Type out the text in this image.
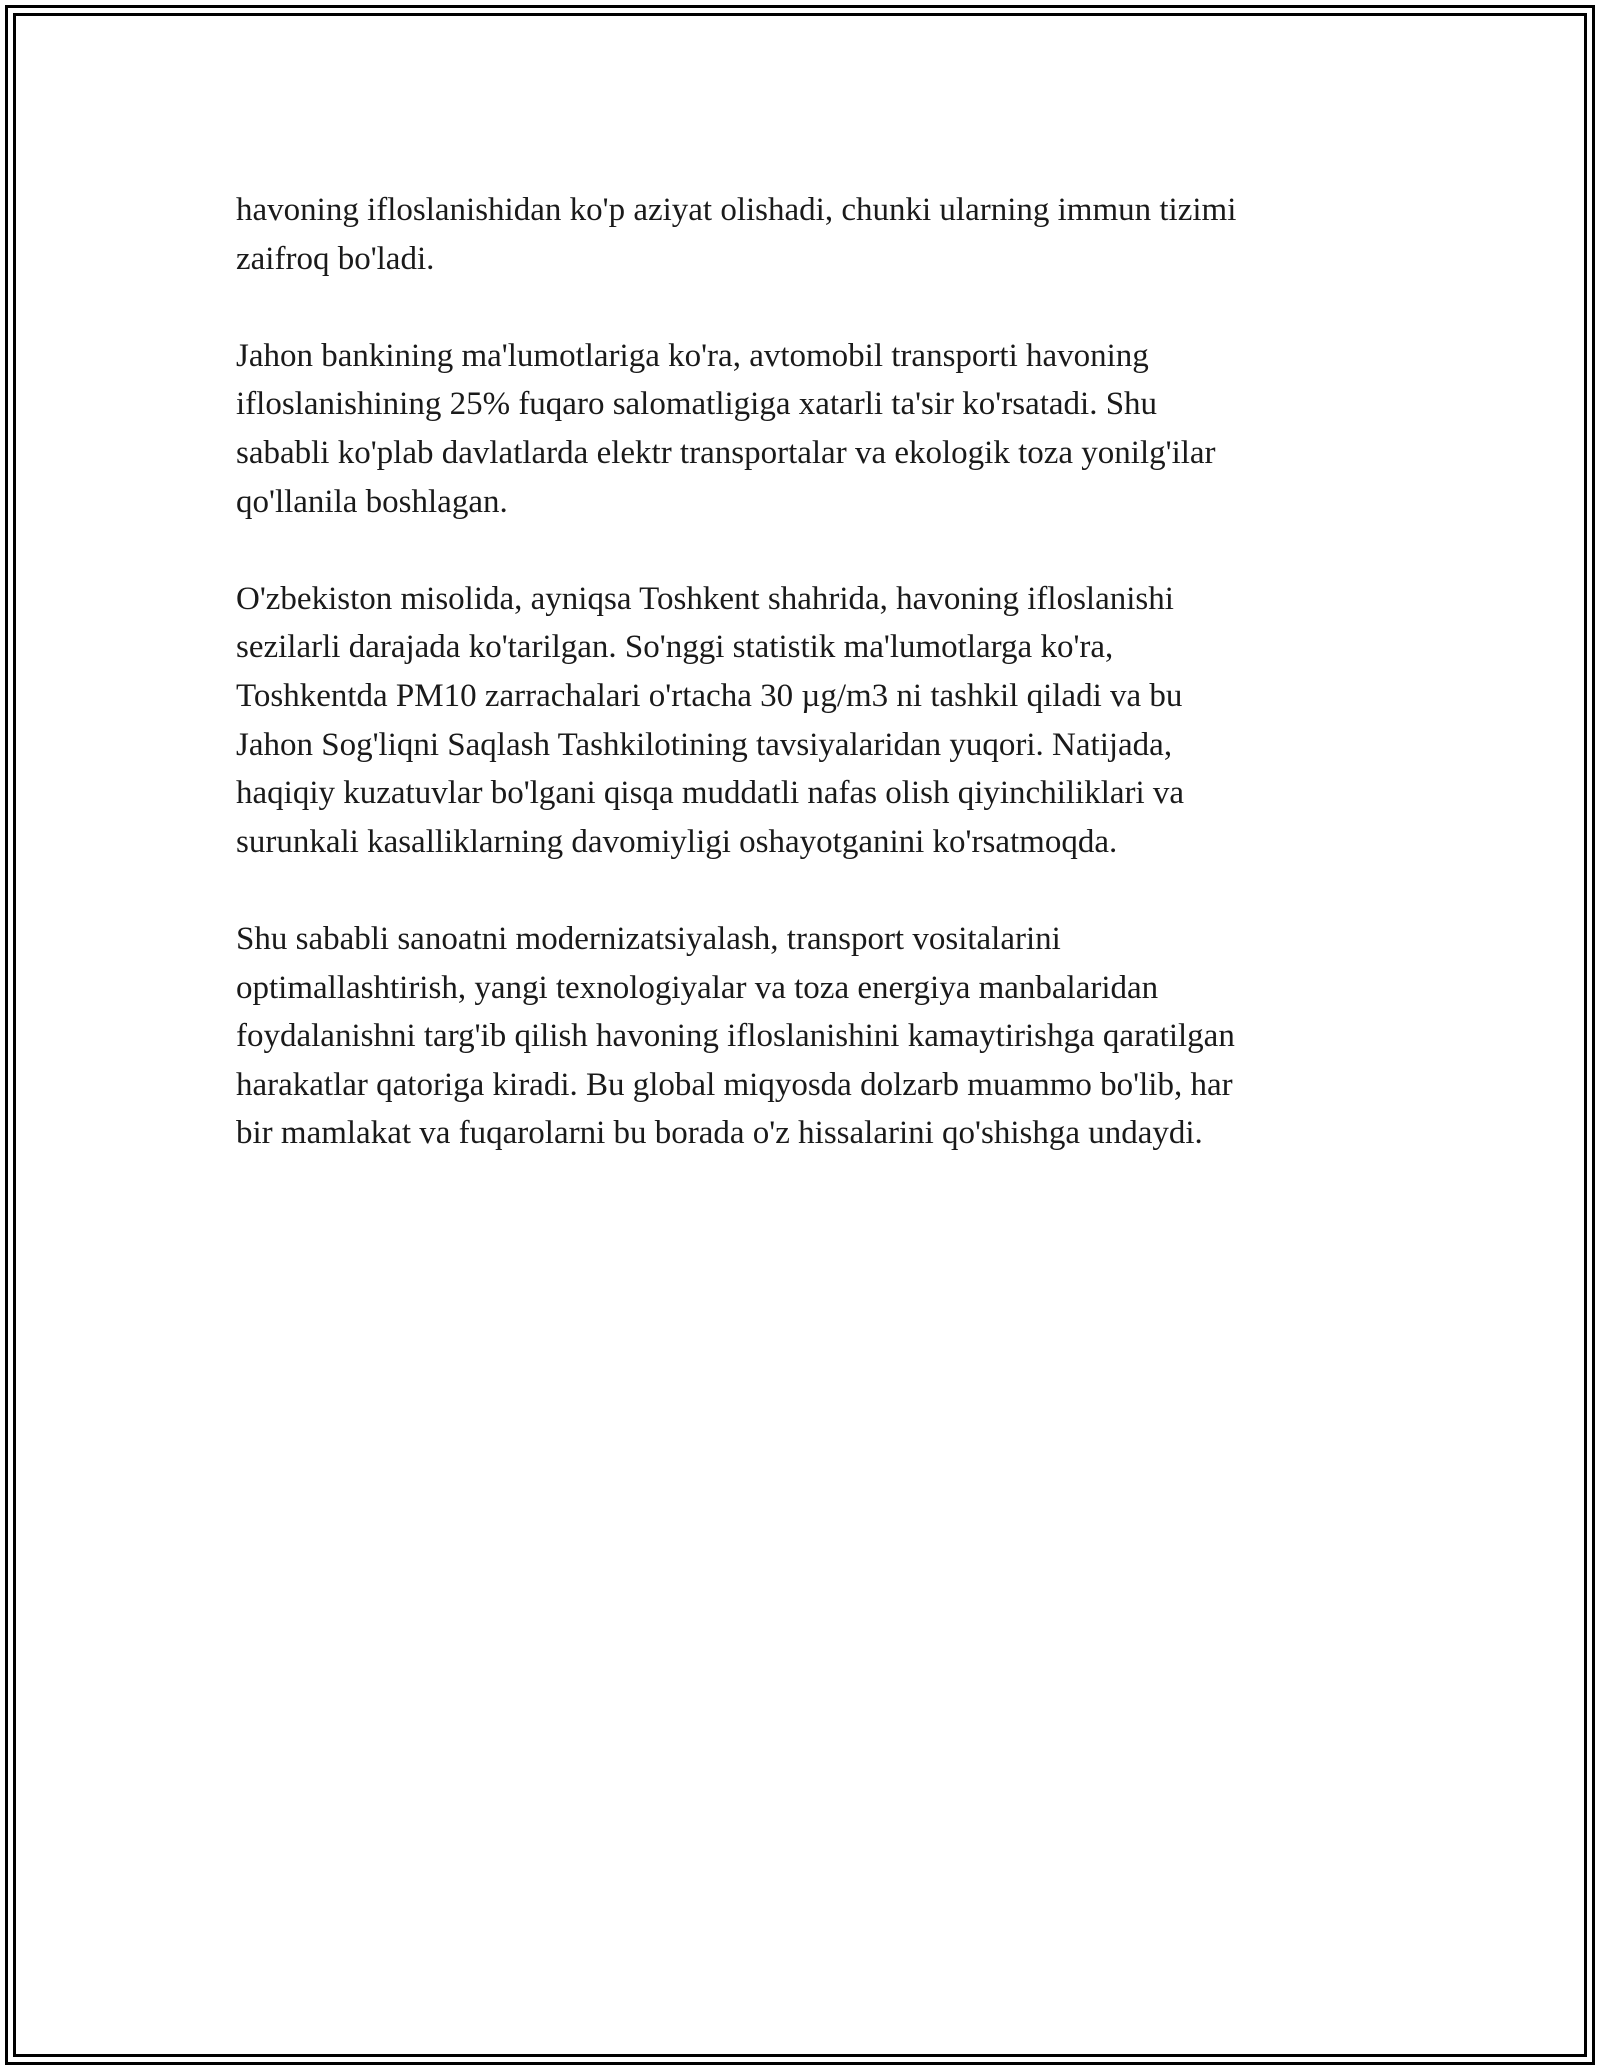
havoning ifloslanishidan ko'p aziyat olishadi, chunki ularning immun tizimi
zaifroq bo'ladi.

Jahon bankining ma'lumotlariga ko'ra, avtomobil transporti havoning
ifloslanishining 25% fuqaro salomatligiga xatarli ta'sir ko'rsatadi. Shu
sababli ko'plab davlatlarda elektr transportalar va ekologik toza yonilg'ilar
qo'llanila boshlagan.

O'zbekiston misolida, ayniqsa Toshkent shahrida, havoning ifloslanishi
sezilarli darajada ko'tarilgan. So'nggi statistik ma'lumotlarga ko'ra,
Toshkentda PM10 zarrachalari o'rtacha 30 µg/m3 ni tashkil qiladi va bu
Jahon Sog'liqni Saqlash Tashkilotining tavsiyalaridan yuqori. Natijada,
haqiqiy kuzatuvlar bo'lgani qisqa muddatli nafas olish qiyinchiliklari va
surunkali kasalliklarning davomiyligi oshayotganini ko'rsatmoqda.

Shu sababli sanoatni modernizatsiyalash, transport vositalarini
optimallashtirish, yangi texnologiyalar va toza energiya manbalaridan
foydalanishni targ'ib qilish havoning ifloslanishini kamaytirishga qaratilgan
harakatlar qatoriga kiradi. Bu global miqyosda dolzarb muammo bo'lib, har
bir mamlakat va fuqarolarni bu borada o'z hissalarini qo'shishga undaydi.
